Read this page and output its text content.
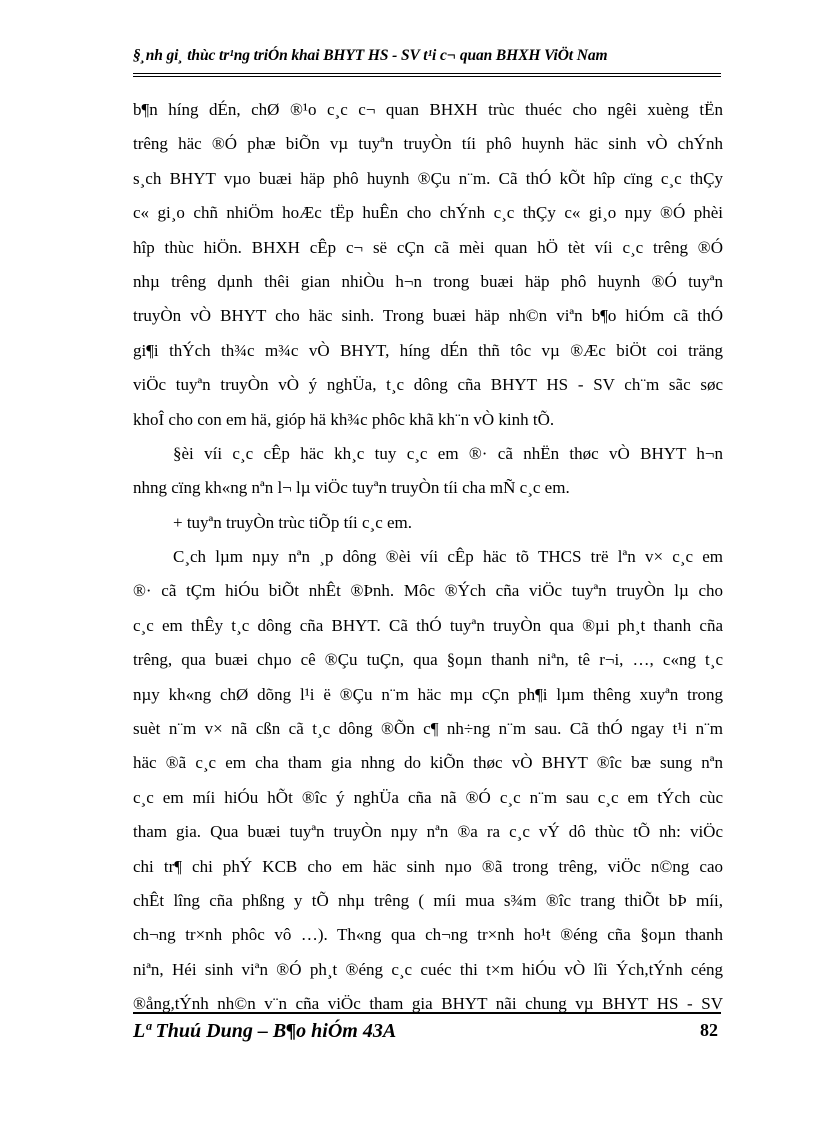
§¸nh gi¸ thùc tr¹ng triÓn khai BHYT HS - SV t¹i c¬ quan BHXH ViÖt Nam
b¶n híng dÉn, chØ ®¹o c¸c c¬ quan BHXH trùc thuéc cho ngêi xuèng tËn
trêng häc ®Ó phæ biÕn vµ tuyªn truyÒn tíi phô huynh häc sinh vÒ chÝnh
s¸ch BHYT vµo buæi häp phô huynh ®Çu n¨m. Cã thÓ kÕt hîp cïng c¸c thÇy
c« gi¸o chñ nhiÖm hoÆc tËp huÊn cho chÝnh c¸c thÇy c« gi¸o nµy ®Ó phèi
hîp thùc hiÖn. BHXH cÊp c¬ së cÇn cã mèi quan hÖ tèt víi c¸c trêng ®Ó
nhµ trêng dµnh thêi gian nhiÒu h¬n trong buæi häp phô huynh ®Ó tuyªn
truyÒn vÒ BHYT cho häc sinh. Trong buæi häp nh©n viªn b¶o hiÓm cã thÓ
gi¶i thÝch th¾c m¾c vÒ BHYT, híng dÉn thñ tôc vµ ®Æc biÖt coi träng
viÖc tuyªn truyÒn vÒ ý nghÜa, t¸c dông cña BHYT HS - SV ch¨m sãc søc
khoÎ cho con em hä, gióp hä kh¾c phôc khã kh¨n vÒ kinh tÕ.
§èi víi c¸c cÊp häc kh¸c tuy c¸c em ®· cã nhËn thøc vÒ BHYT h¬n
nhng cïng kh«ng nªn l¬ lµ viÖc tuyªn truyÒn tíi cha mÑ c¸c em.
+ tuyªn truyÒn trùc tiÕp tíi c¸c em.
C¸ch lµm nµy nªn ¸p dông ®èi víi cÊp häc tõ THCS trë lªn v× c¸c em
®· cã tÇm hiÓu biÕt nhÊt ®Þnh. Môc ®Ých cña viÖc tuyªn truyÒn lµ cho
c¸c em thÊy t¸c dông cña BHYT. Cã thÓ tuyªn truyÒn qua ®µi ph¸t thanh cña
trêng, qua buæi chµo cê ®Çu tuÇn, qua §oµn thanh niªn, tê r¬i, …, c«ng t¸c
nµy kh«ng chØ dõng l¹i ë ®Çu n¨m häc mµ cÇn ph¶i lµm thêng xuyªn trong
suèt n¨m v× nã cßn cã t¸c dông ®Õn c¶ nh÷ng n¨m sau. Cã thÓ ngay t¹i n¨m
häc ®ã c¸c em cha tham gia nhng do kiÕn thøc vÒ BHYT ®îc bæ sung nªn
c¸c em míi hiÓu hÕt ®îc ý nghÜa cña nã ®Ó c¸c n¨m sau c¸c em tÝch cùc
tham gia. Qua buæi tuyªn truyÒn nµy nªn ®a ra c¸c vÝ dô thùc tÕ nh: viÖc
chi tr¶ chi phÝ KCB cho em häc sinh nµo ®ã trong trêng, viÖc n©ng cao
chÊt lîng cña phßng y tÕ nhµ trêng ( míi mua s¾m ®îc trang thiÕt bÞ míi,
ch¬ng tr×nh phôc vô …). Th«ng qua ch¬ng tr×nh ho¹t ®éng cña §oµn thanh
niªn, Héi sinh viªn ®Ó ph¸t ®éng c¸c cuéc thi t×m hiÓu vÒ lîi Ých,tÝnh céng
®ång,tÝnh nh©n v¨n cña viÖc tham gia BHYT nãi chung vµ BHYT HS - SV
Lª Thuú Dung – B¶o hiÓm 43A	82
